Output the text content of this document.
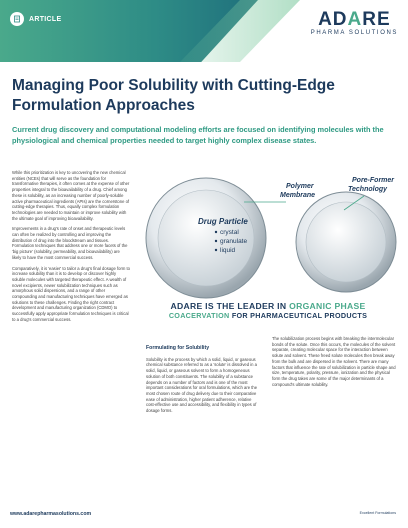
ARTICLE	ADARE
PHARMA SOLUTIONS
Managing Poor Solubility with Cutting-Edge Formulation Approaches

Current drug discovery and computational modeling efforts are focused on identifying molecules with the physiological and chemical properties needed to target highly complex disease states.

While this prioritization is key to uncovering the new chemical entities (NCEs) that will serve as the foundation for transformative therapies, it often comes at the expense of other properties integral to the bioavailability of a drug. Chief among these is solubility, as an increasing number of poorly-soluble active pharmaceutical ingredients (APIs) are the cornerstone of cutting-edge therapies. Thus, equally complex formulation technologies are needed to maintain or improve solubility with the ultimate goal of improving bioavailability.

Improvements in a drug's rate of onset and therapeutic levels can often be realized by controlling and improving the distribution of drug into the bloodstream and tissues. Formulation techniques that address one or more facets of the 'big picture' (solubility, permeability, and bioavailability) are likely to have the most commercial success.

Comparatively, it is 'easier' to tailor a drug's final dosage form to increase solubility than it is to develop or discover highly soluble molecules with targeted therapeutic effect. A wealth of novel excipients, newer solubilization techniques such as amorphous solid dispersions, and a range of other compounding and manufacturing techniques have emerged as solutions to these challenges. Finding the right contract development and manufacturing organization (CDMO) to successfully apply appropriate formulation techniques is critical to a drug's commercial success.

Polymer
Membrane
Pore-Former
Technology
Drug Particle
crystal
granulate
liquid
ADARE IS THE LEADER IN ORGANIC PHASE
COACERVATION FOR PHARMACEUTICAL PRODUCTS
Formulating for Solubility

Solubility is the process by which a solid, liquid, or gaseous chemical substance referred to as a 'solute' is dissolved in a solid, liquid, or gaseous solvent to form a homogeneous solution of both constituents. The solubility of a substance depends on a number of factors and is one of the most important considerations for oral formulations, which are the most chosen route of drug delivery due to their comparative ease of administration, higher patient adherence, relative cost-effective use and accessibility, and flexibility in types of dosage forms.

The solubilization process begins with breaking the intermolecular bonds of the solute. Once this occurs, the molecules of the solvent separate, creating molecular space for the interaction between solute and solvent. These freed solute molecules then break away from the bulk and are dispersed in the solvent. There are many factors that influence the rate of solubilization in particle shape and size, temperature, polarity, pressure, ionization and the physical form the drug takes are some of the major determinants of a compound's ultimate solubility.

www.adarepharmasolutions.com	Excellent Formulations
